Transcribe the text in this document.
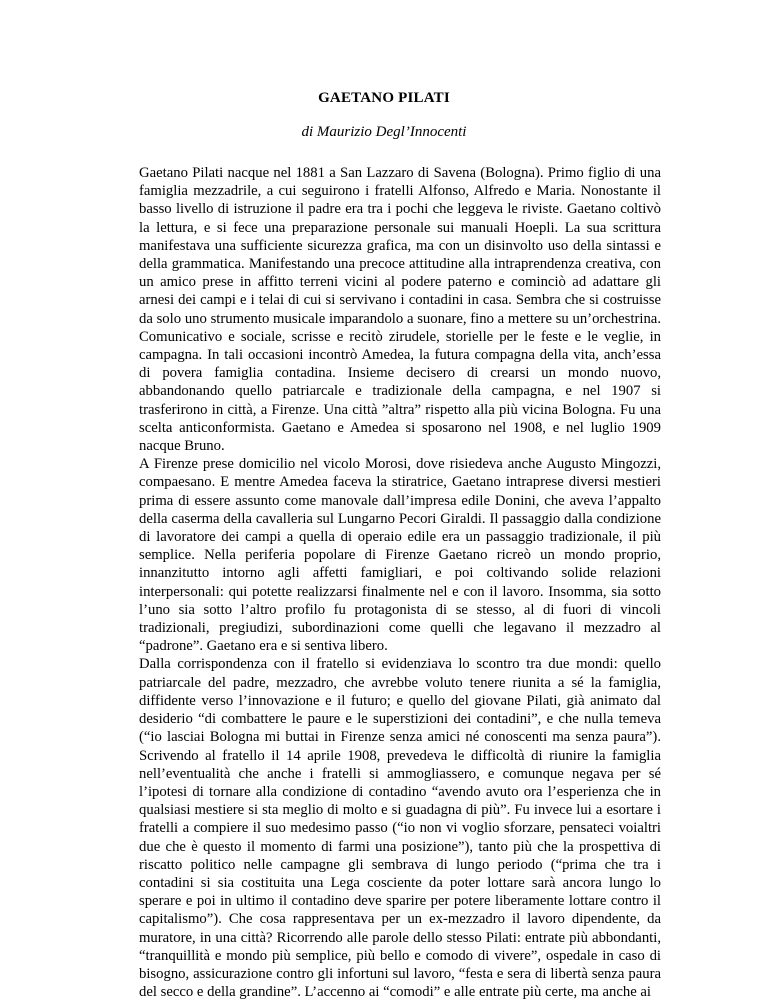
GAETANO PILATI
di Maurizio Degl’Innocenti

Gaetano Pilati nacque nel 1881 a San Lazzaro di Savena (Bologna). Primo figlio di una famiglia mezzadrile, a cui seguirono i fratelli Alfonso, Alfredo e Maria. Nonostante il basso livello di istruzione il padre era tra i pochi che leggeva le riviste. Gaetano coltivò la lettura, e si fece una preparazione personale sui manuali Hoepli. La sua scrittura manifestava una sufficiente sicurezza grafica, ma con un disinvolto uso della sintassi e della grammatica. Manifestando una precoce attitudine alla intraprendenza creativa, con un amico prese in affitto terreni vicini al podere paterno e cominciò ad adattare gli arnesi dei campi e i telai di cui si servivano i contadini in casa. Sembra che si costruisse da solo uno strumento musicale imparandolo a suonare, fino a mettere su un’orchestrina. Comunicativo e sociale, scrisse e recitò zirudele, storielle per le feste e le veglie, in campagna. In tali occasioni incontrò Amedea, la futura compagna della vita, anch’essa di povera famiglia contadina. Insieme decisero di crearsi un mondo nuovo, abbandonando quello patriarcale e tradizionale della campagna, e nel 1907 si trasferirono in città, a Firenze. Una città ”altra” rispetto alla più vicina Bologna. Fu una scelta anticonformista. Gaetano e Amedea si sposarono nel 1908, e nel luglio 1909 nacque Bruno.

A Firenze prese domicilio nel vicolo Morosi, dove risiedeva anche Augusto Mingozzi, compaesano. E mentre Amedea faceva la stiratrice, Gaetano intraprese diversi mestieri prima di essere assunto come manovale dall’impresa edile Donini, che aveva l’appalto della caserma della cavalleria sul Lungarno Pecori Giraldi. Il passaggio dalla condizione di lavoratore dei campi a quella di operaio edile era un passaggio tradizionale, il più semplice. Nella periferia popolare di Firenze Gaetano ricreò un mondo proprio, innanzitutto intorno agli affetti famigliari, e poi coltivando solide relazioni interpersonali: qui potette realizzarsi finalmente nel e con il lavoro. Insomma, sia sotto l’uno sia sotto l’altro profilo fu protagonista di se stesso, al di fuori di vincoli tradizionali, pregiudizi, subordinazioni come quelli che legavano il mezzadro al “padrone”. Gaetano era e si sentiva libero.

Dalla corrispondenza con il fratello si evidenziava lo scontro tra due mondi: quello patriarcale del padre, mezzadro, che avrebbe voluto tenere riunita a sé la famiglia, diffidente verso l’innovazione e il futuro; e quello del giovane Pilati, già animato dal desiderio “di combattere le paure e le superstizioni dei contadini”, e che nulla temeva (“io lasciai Bologna mi buttai in Firenze senza amici né conoscenti ma senza paura”). Scrivendo al fratello il 14 aprile 1908, prevedeva le difficoltà di riunire la famiglia nell’eventualità che anche i fratelli si ammogliassero, e comunque negava per sé l’ipotesi di tornare alla condizione di contadino “avendo avuto ora l’esperienza che in qualsiasi mestiere si sta meglio di molto e si guadagna di più”. Fu invece lui a esortare i fratelli a compiere il suo medesimo passo (“io non vi voglio sforzare, pensateci voialtri due che è questo il momento di farmi una posizione”), tanto più che la prospettiva di riscatto politico nelle campagne gli sembrava di lungo periodo (“prima che tra i contadini si sia costituita una Lega cosciente da poter lottare sarà ancora lungo lo sperare e poi in ultimo il contadino deve sparire per potere liberamente lottare contro il capitalismo”). Che cosa rappresentava per un ex-mezzadro il lavoro dipendente, da muratore, in una città? Ricorrendo alle parole dello stesso Pilati: entrate più abbondanti, “tranquillità e mondo più semplice, più bello e comodo di vivere”, ospedale in caso di bisogno, assicurazione contro gli infortuni sul lavoro, “festa e sera di libertà senza paura del secco e della grandine”. L’accenno ai “comodi” e alle entrate più certe, ma anche ai
